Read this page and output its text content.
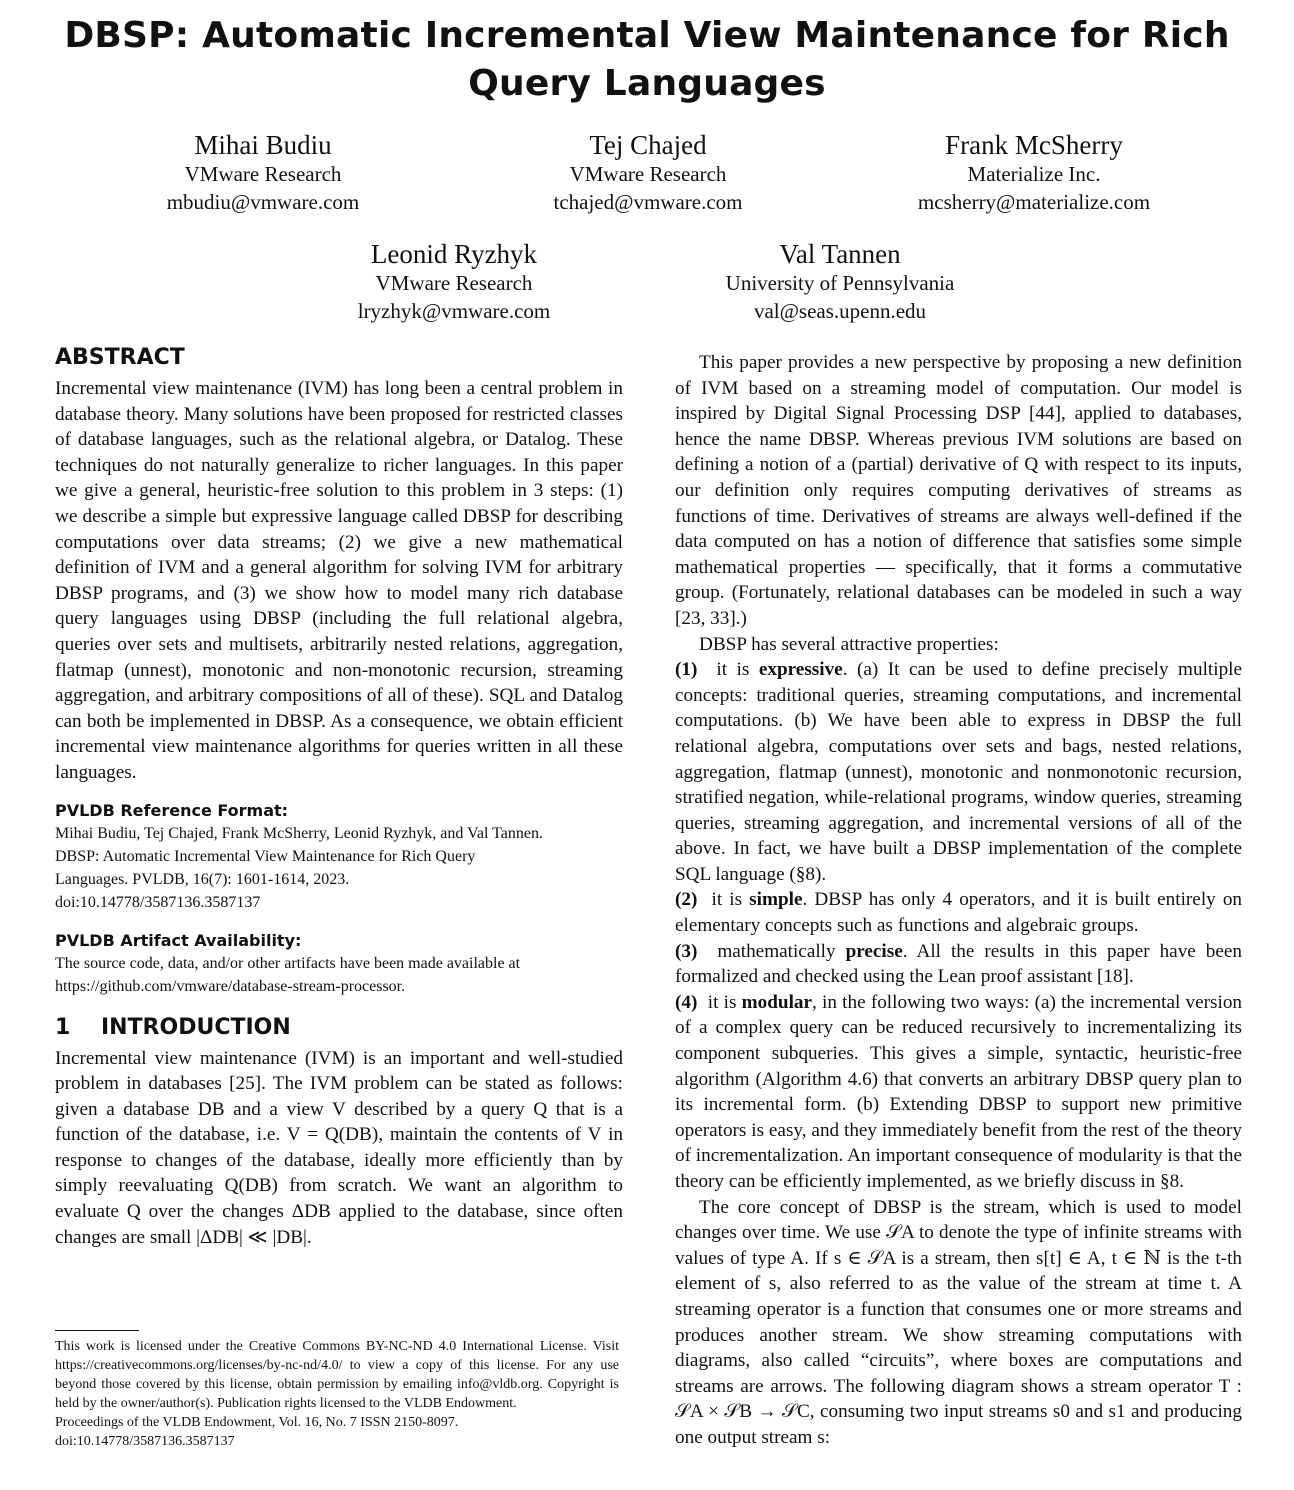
DBSP: Automatic Incremental View Maintenance for Rich Query Languages
Mihai Budiu
VMware Research
mbudiu@vmware.com
Tej Chajed
VMware Research
tchajed@vmware.com
Frank McSherry
Materialize Inc.
mcsherry@materialize.com
Leonid Ryzhyk
VMware Research
lryzhyk@vmware.com
Val Tannen
University of Pennsylvania
val@seas.upenn.edu
ABSTRACT
Incremental view maintenance (IVM) has long been a central problem in database theory. Many solutions have been proposed for restricted classes of database languages, such as the relational algebra, or Datalog. These techniques do not naturally generalize to richer languages. In this paper we give a general, heuristic-free solution to this problem in 3 steps: (1) we describe a simple but expressive language called DBSP for describing computations over data streams; (2) we give a new mathematical definition of IVM and a general algorithm for solving IVM for arbitrary DBSP programs, and (3) we show how to model many rich database query languages using DBSP (including the full relational algebra, queries over sets and multisets, arbitrarily nested relations, aggregation, flatmap (unnest), monotonic and non-monotonic recursion, streaming aggregation, and arbitrary compositions of all of these). SQL and Datalog can both be implemented in DBSP. As a consequence, we obtain efficient incremental view maintenance algorithms for queries written in all these languages.
PVLDB Reference Format:
Mihai Budiu, Tej Chajed, Frank McSherry, Leonid Ryzhyk, and Val Tannen.
DBSP: Automatic Incremental View Maintenance for Rich Query
Languages. PVLDB, 16(7): 1601-1614, 2023.
doi:10.14778/3587136.3587137
PVLDB Artifact Availability:
The source code, data, and/or other artifacts have been made available at
https://github.com/vmware/database-stream-processor.
1    INTRODUCTION
Incremental view maintenance (IVM) is an important and well-studied problem in databases [25]. The IVM problem can be stated as follows: given a database DB and a view V described by a query Q that is a function of the database, i.e. V = Q(DB), maintain the contents of V in response to changes of the database, ideally more efficiently than by simply reevaluating Q(DB) from scratch. We want an algorithm to evaluate Q over the changes ΔDB applied to the database, since often changes are small |ΔDB| ≪ |DB|.
This work is licensed under the Creative Commons BY-NC-ND 4.0 International License. Visit https://creativecommons.org/licenses/by-nc-nd/4.0/ to view a copy of this license. For any use beyond those covered by this license, obtain permission by emailing info@vldb.org. Copyright is held by the owner/author(s). Publication rights licensed to the VLDB Endowment.
Proceedings of the VLDB Endowment, Vol. 16, No. 7 ISSN 2150-8097.
doi:10.14778/3587136.3587137
This paper provides a new perspective by proposing a new definition of IVM based on a streaming model of computation. Our model is inspired by Digital Signal Processing DSP [44], applied to databases, hence the name DBSP. Whereas previous IVM solutions are based on defining a notion of a (partial) derivative of Q with respect to its inputs, our definition only requires computing derivatives of streams as functions of time. Derivatives of streams are always well-defined if the data computed on has a notion of difference that satisfies some simple mathematical properties — specifically, that it forms a commutative group. (Fortunately, relational databases can be modeled in such a way [23, 33].)
DBSP has several attractive properties:
(1) it is expressive. (a) It can be used to define precisely multiple concepts: traditional queries, streaming computations, and incremental computations. (b) We have been able to express in DBSP the full relational algebra, computations over sets and bags, nested relations, aggregation, flatmap (unnest), monotonic and nonmonotonic recursion, stratified negation, while-relational programs, window queries, streaming queries, streaming aggregation, and incremental versions of all of the above. In fact, we have built a DBSP implementation of the complete SQL language (§8).
(2) it is simple. DBSP has only 4 operators, and it is built entirely on elementary concepts such as functions and algebraic groups.
(3) mathematically precise. All the results in this paper have been formalized and checked using the Lean proof assistant [18].
(4) it is modular, in the following two ways: (a) the incremental version of a complex query can be reduced recursively to incrementalizing its component subqueries. This gives a simple, syntactic, heuristic-free algorithm (Algorithm 4.6) that converts an arbitrary DBSP query plan to its incremental form. (b) Extending DBSP to support new primitive operators is easy, and they immediately benefit from the rest of the theory of incrementalization. An important consequence of modularity is that the theory can be efficiently implemented, as we briefly discuss in §8.
The core concept of DBSP is the stream, which is used to model changes over time. We use 𝒮A to denote the type of infinite streams with values of type A. If s ∈ 𝒮A is a stream, then s[t] ∈ A, t ∈ ℕ is the t-th element of s, also referred to as the value of the stream at time t. A streaming operator is a function that consumes one or more streams and produces another stream. We show streaming computations with diagrams, also called “circuits”, where boxes are computations and streams are arrows. The following diagram shows a stream operator T : 𝒮A × 𝒮B → 𝒮C, consuming two input streams s0 and s1 and producing one output stream s:
